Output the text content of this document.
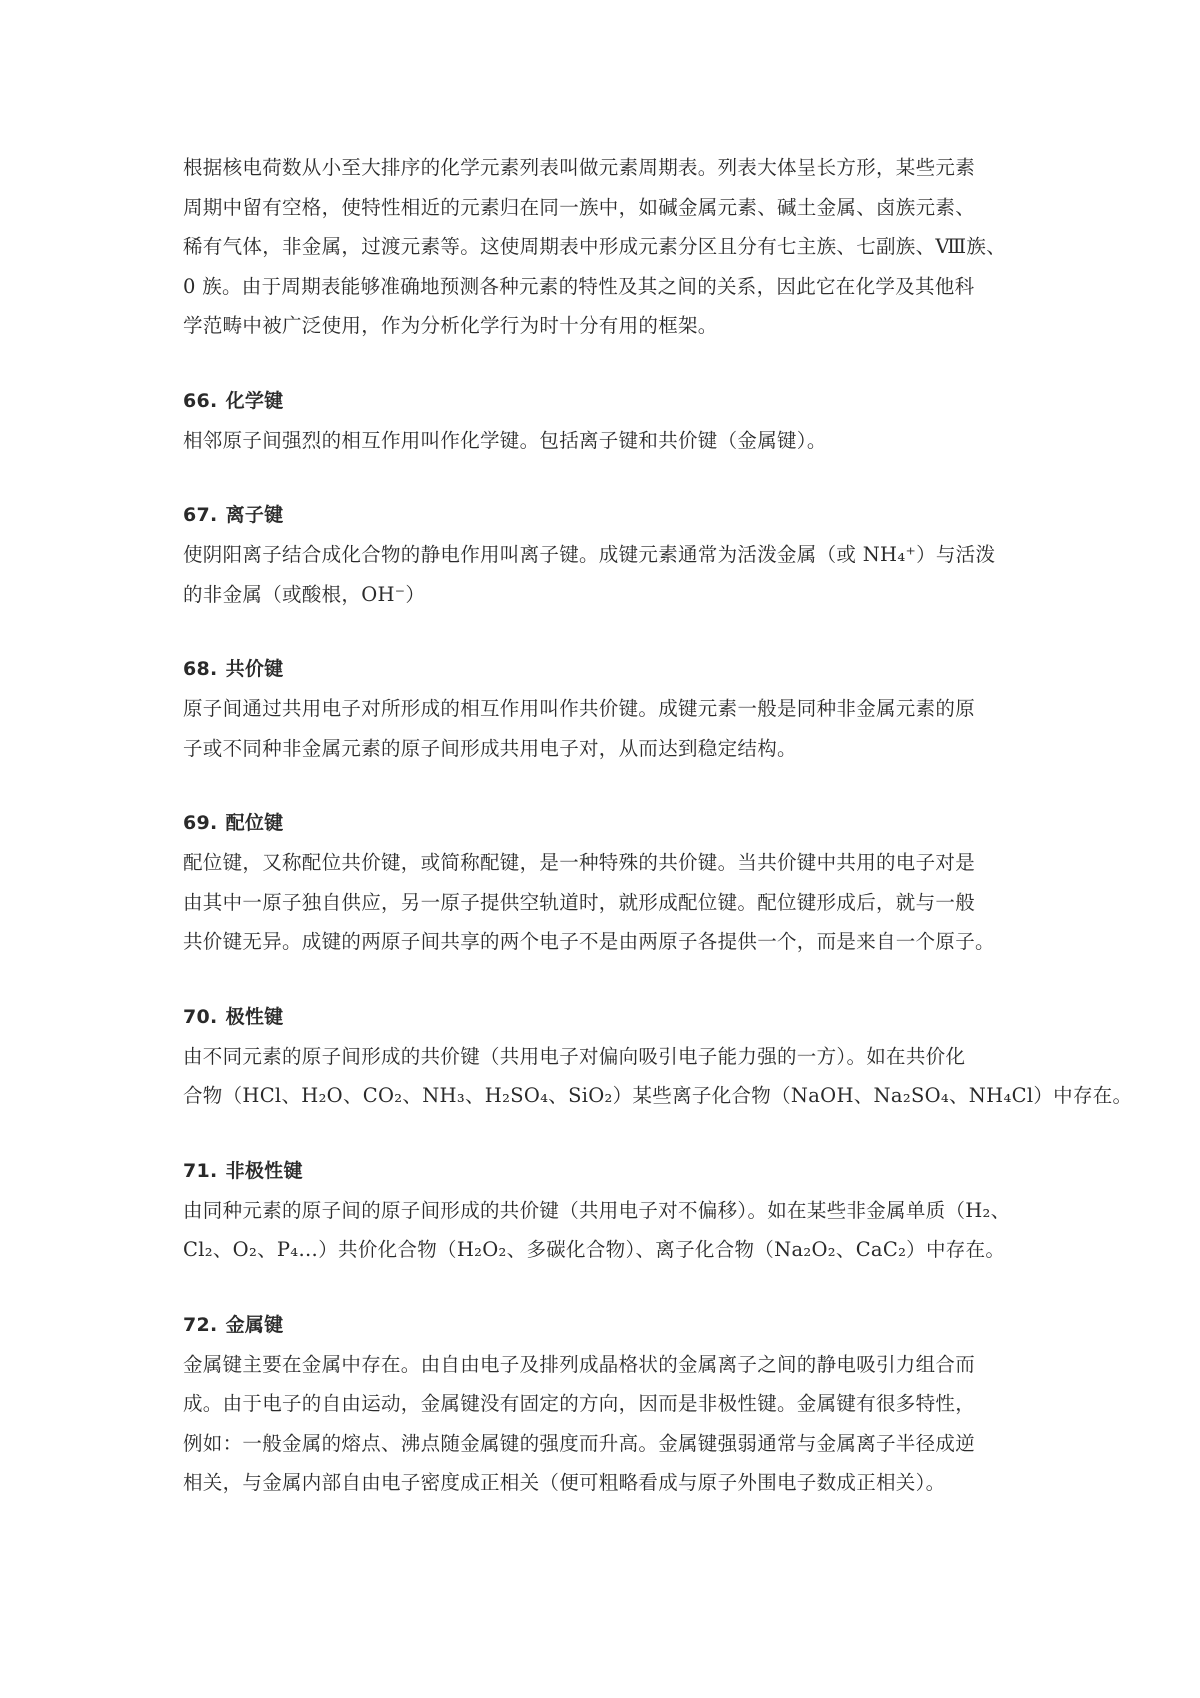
根据核电荷数从小至大排序的化学元素列表叫做元素周期表。列表大体呈长方形，某些元素
周期中留有空格，使特性相近的元素归在同一族中，如碱金属元素、碱土金属、卤族元素、
稀有气体，非金属，过渡元素等。这使周期表中形成元素分区且分有七主族、七副族、Ⅷ族、
0 族。由于周期表能够准确地预测各种元素的特性及其之间的关系，因此它在化学及其他科
学范畴中被广泛使用，作为分析化学行为时十分有用的框架。

66. 化学键

相邻原子间强烈的相互作用叫作化学键。包括离子键和共价键（金属键）。

67. 离子键

使阴阳离子结合成化合物的静电作用叫离子键。成键元素通常为活泼金属（或 NH₄⁺）与活泼
的非金属（或酸根，OH⁻）

68. 共价键

原子间通过共用电子对所形成的相互作用叫作共价键。成键元素一般是同种非金属元素的原
子或不同种非金属元素的原子间形成共用电子对，从而达到稳定结构。

69. 配位键

配位键，又称配位共价键，或简称配键，是一种特殊的共价键。当共价键中共用的电子对是
由其中一原子独自供应，另一原子提供空轨道时，就形成配位键。配位键形成后，就与一般
共价键无异。成键的两原子间共享的两个电子不是由两原子各提供一个，而是来自一个原子。

70. 极性键

由不同元素的原子间形成的共价键（共用电子对偏向吸引电子能力强的一方）。如在共价化
合物（HCl、H₂O、CO₂、NH₃、H₂SO₄、SiO₂）某些离子化合物（NaOH、Na₂SO₄、NH₄Cl）中存在。

71. 非极性键

由同种元素的原子间的原子间形成的共价键（共用电子对不偏移）。如在某些非金属单质（H₂、
Cl₂、O₂、P₄…）共价化合物（H₂O₂、多碳化合物）、离子化合物（Na₂O₂、CaC₂）中存在。

72. 金属键

金属键主要在金属中存在。由自由电子及排列成晶格状的金属离子之间的静电吸引力组合而
成。由于电子的自由运动，金属键没有固定的方向，因而是非极性键。金属键有很多特性，
例如：一般金属的熔点、沸点随金属键的强度而升高。金属键强弱通常与金属离子半径成逆
相关，与金属内部自由电子密度成正相关（便可粗略看成与原子外围电子数成正相关）。
